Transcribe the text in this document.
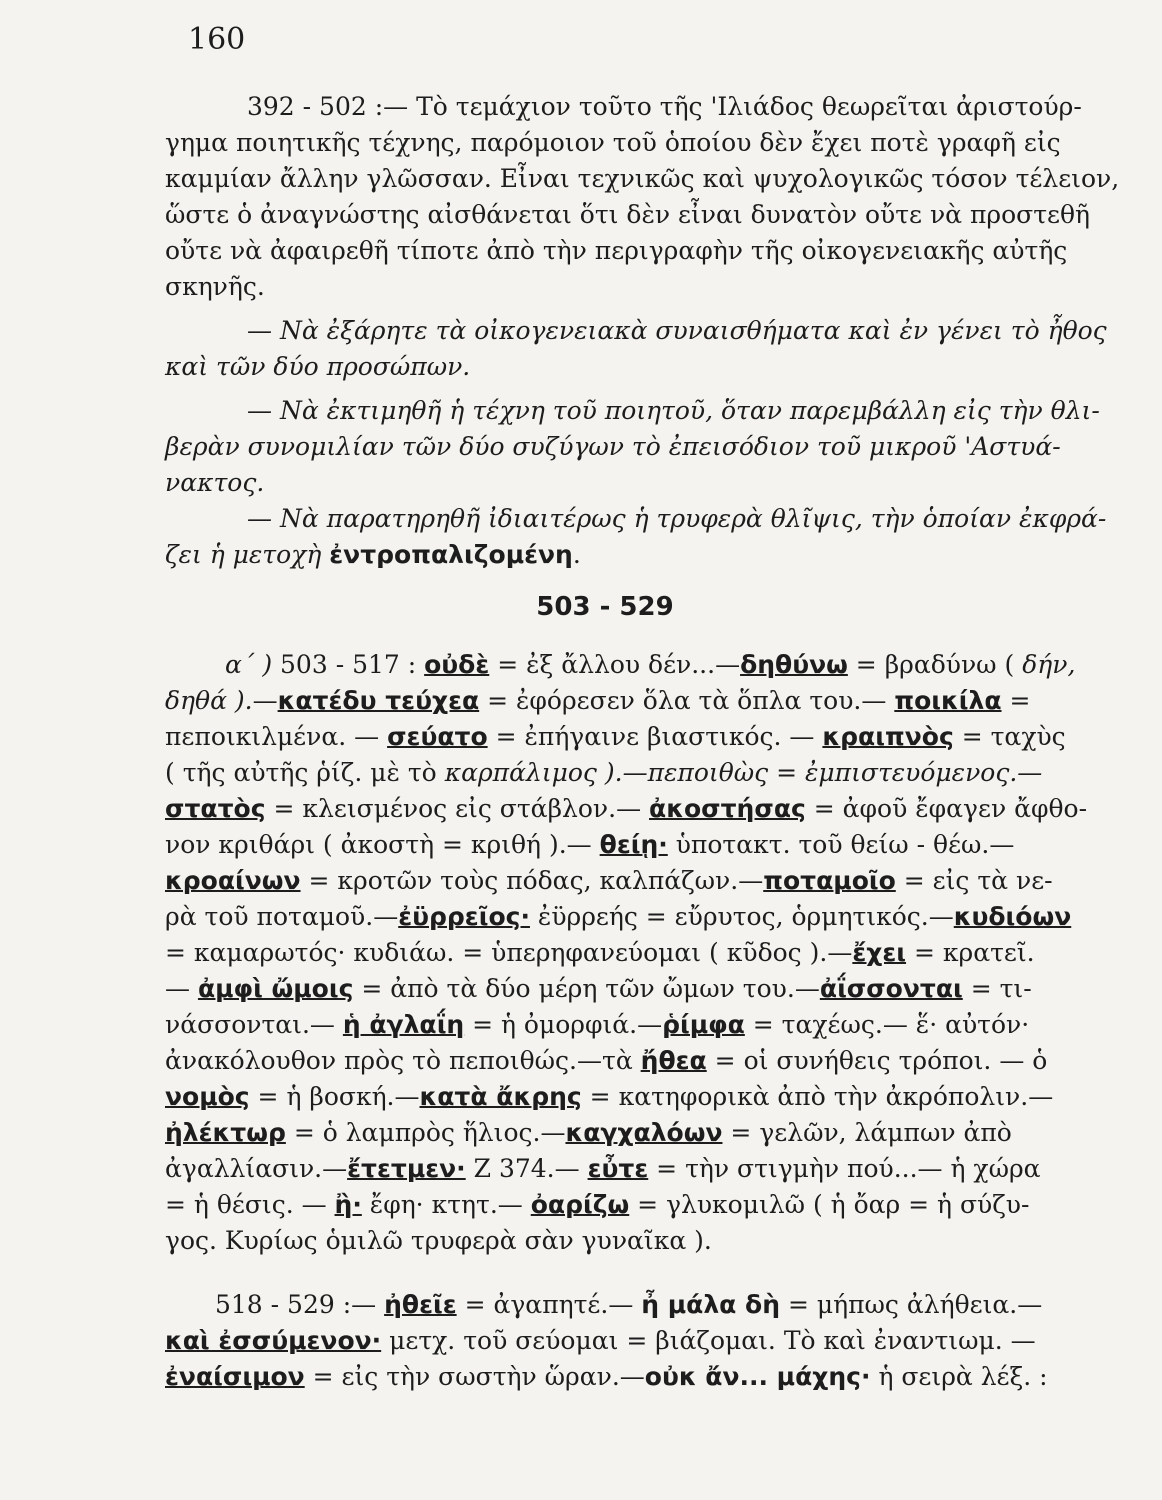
160
392 - 502 :— Τὸ τεμάχιον τοῦτο τῆς 'Ιλιάδος θεωρεῖται ἀριστούρ-
γημα ποιητικῆς τέχνης, παρόμοιον τοῦ ὁποίου δὲν ἔχει ποτὲ γραφῆ εἰς
καμμίαν ἄλλην γλῶσσαν. Εἶναι τεχνικῶς καὶ ψυχολογικῶς τόσον τέλειον,
ὥστε ὁ ἀναγνώστης αἰσθάνεται ὅτι δὲν εἶναι δυνατὸν οὔτε νὰ προστεθῆ
οὔτε νὰ ἀφαιρεθῆ τίποτε ἀπὸ τὴν περιγραφὴν τῆς οἰκογενειακῆς αὐτῆς
σκηνῆς.
— Νὰ ἐξάρητε τὰ οἰκογενειακὰ συναισθήματα καὶ ἐν γένει τὸ ἦθος
καὶ τῶν δύο προσώπων.
— Νὰ ἐκτιμηθῆ ἡ τέχνη τοῦ ποιητοῦ, ὅταν παρεμβάλλη εἰς τὴν θλι-
βερὰν συνομιλίαν τῶν δύο συζύγων τὸ ἐπεισόδιον τοῦ μικροῦ 'Αστυά-
νακτος.
— Νὰ παρατηρηθῆ ἰδιαιτέρως ἡ τρυφερὰ θλῖψις, τὴν ὁποίαν ἐκφρά-
ζει ἡ μετοχὴ ἐντροπαλιζομένη.
503 - 529
α΄ ) 503 - 517 : οὐδὲ = ἐξ ἄλλου δέν...—δηθύνω = βραδύνω ( δήν,
δηθά ).—κατέδυ τεύχεα = ἐφόρεσεν ὅλα τὰ ὅπλα του.— ποικίλα =
πεποικιλμένα. — σεύατο = ἐπήγαινε βιαστικός. — κραιπνὸς = ταχὺς
( τῆς αὐτῆς ῥίζ. μὲ τὸ καρπάλιμος ).—πεποιθὼς = ἐμπιστευόμενος.—
στατὸς = κλεισμένος εἰς στάβλον.— ἀκοστήσας = ἀφοῦ ἔφαγεν ἄφθο-
νον κριθάρι ( ἀκοστὴ = κριθή ).— θείῃ· ὑποτακτ. τοῦ θείω - θέω.—
κροαίνων = κροτῶν τοὺς πόδας, καλπάζων.—ποταμοῖο = εἰς τὰ νε-
ρὰ τοῦ ποταμοῦ.—ἐϋρρεῖος· ἐϋρρεής = εὔρυτος, ὁρμητικός.—κυδιόων
= καμαρωτός· κυδιάω. = ὑπερηφανεύομαι ( κῦδος ).—ἔχει = κρατεῖ.
— ἀμφὶ ὤμοις = ἀπὸ τὰ δύο μέρη τῶν ὤμων του.—ἀΐσσονται = τι-
νάσσονται.— ἡ ἀγλαΐη = ἡ ὀμορφιά.—ῥίμφα = ταχέως.— ἕ· αὐτόν·
ἀνακόλουθον πρὸς τὸ πεποιθώς.—τὰ ἤθεα = οἱ συνήθεις τρόποι. — ὁ
νομὸς = ἡ βοσκή.—κατὰ ἄκρης = κατηφορικὰ ἀπὸ τὴν ἀκρόπολιν.—
ἠλέκτωρ = ὁ λαμπρὸς ἥλιος.—καγχαλόων = γελῶν, λάμπων ἀπὸ
ἀγαλλίασιν.—ἔτετμεν· Ζ 374.— εὖτε = τὴν στιγμὴν πού...— ἡ χώρα
= ἡ θέσις. — ἢ· ἔφη· κτητ.— ὀαρίζω = γλυκομιλῶ ( ἡ ὄαρ = ἡ σύζυ-
γος. Κυρίως ὁμιλῶ τρυφερὰ σὰν γυναῖκα ).
518 - 529 :— ἠθεῖε = ἀγαπητέ.— ἦ μάλα δὴ = μήπως ἀλήθεια.—
καὶ ἐσσύμενον· μετχ. τοῦ σεύομαι = βιάζομαι. Τὸ καὶ ἐναντιωμ. —
ἐναίσιμον = εἰς τὴν σωστὴν ὥραν.—οὐκ ἄν... μάχης· ἡ σειρὰ λέξ. :
